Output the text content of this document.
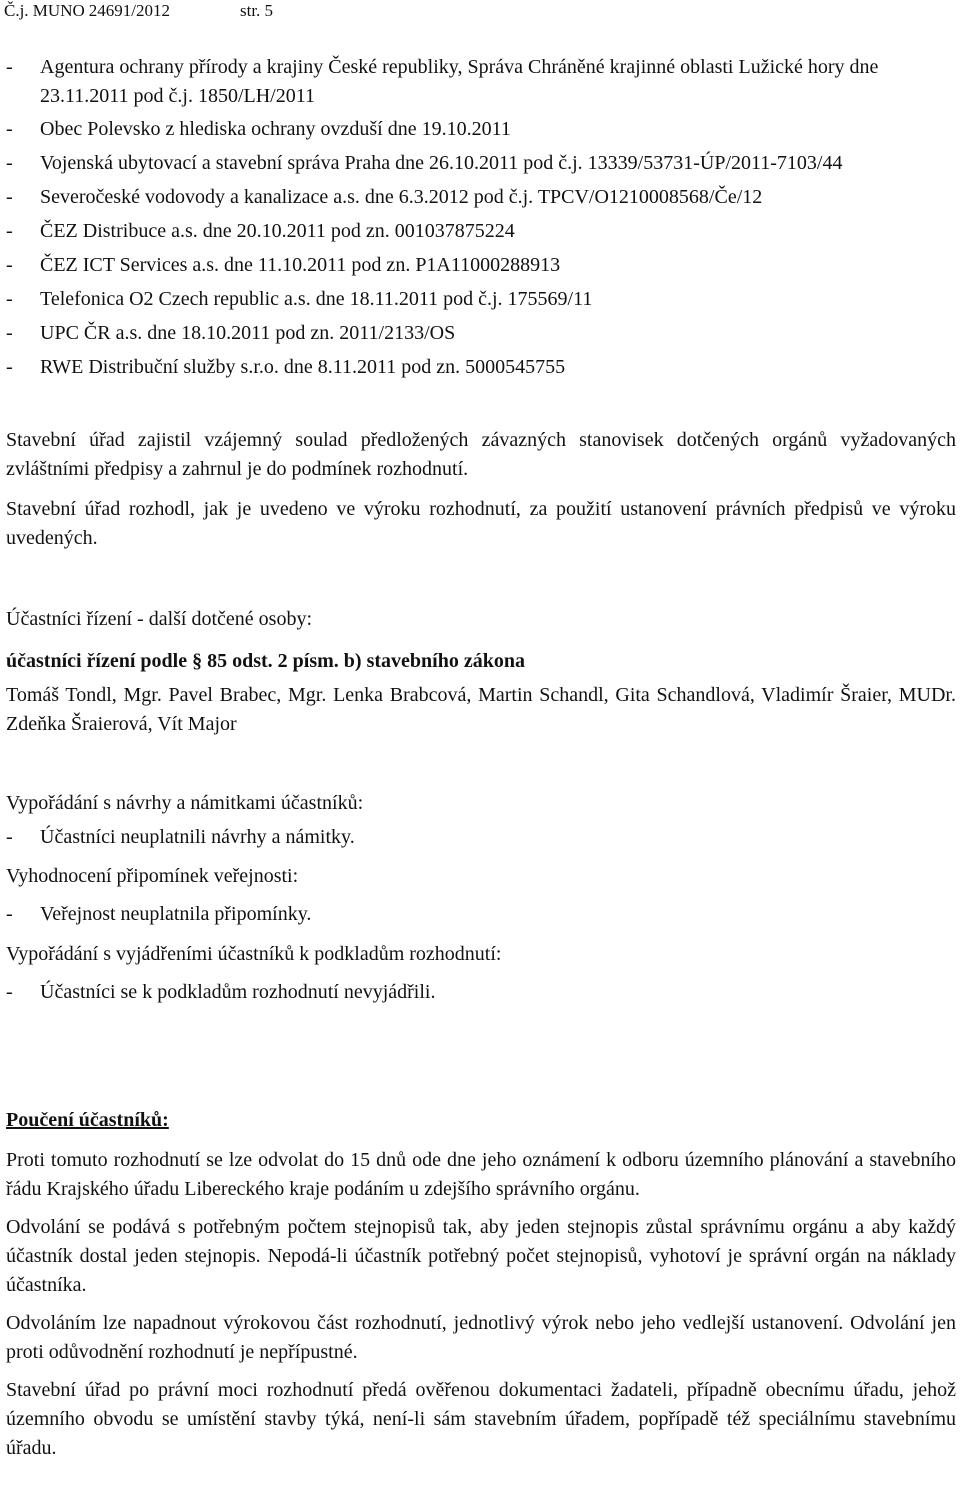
Č.j. MUNO 24691/2012	str. 5
-	Agentura ochrany přírody a krajiny České republiky, Správa Chráněné krajinné oblasti Lužické hory dne 23.11.2011 pod č.j. 1850/LH/2011
-	Obec Polevsko z hlediska ochrany ovzduší dne 19.10.2011
-	Vojenská ubytovací a stavební správa Praha dne 26.10.2011 pod č.j. 13339/53731-ÚP/2011-7103/44
-	Severočeské vodovody a kanalizace a.s. dne 6.3.2012 pod č.j. TPCV/O1210008568/Če/12
-	ČEZ Distribuce a.s. dne 20.10.2011 pod zn. 001037875224
-	ČEZ ICT Services a.s. dne 11.10.2011 pod zn. P1A11000288913
-	Telefonica O2 Czech republic a.s. dne 18.11.2011 pod č.j. 175569/11
-	UPC ČR a.s. dne 18.10.2011 pod zn. 2011/2133/OS
-	RWE Distribuční služby s.r.o. dne 8.11.2011 pod zn. 5000545755

Stavební úřad zajistil vzájemný soulad předložených závazných stanovisek dotčených orgánů vyžadovaných zvláštními předpisy a zahrnul je do podmínek rozhodnutí.

Stavební úřad rozhodl, jak je uvedeno ve výroku rozhodnutí, za použití ustanovení právních předpisů ve výroku uvedených.

Účastníci řízení - další dotčené osoby:

účastníci řízení podle § 85 odst. 2 písm. b) stavebního zákona

Tomáš Tondl, Mgr. Pavel Brabec, Mgr. Lenka Brabcová, Martin Schandl, Gita Schandlová, Vladimír Šraier, MUDr. Zdeňka Šraierová, Vít Major

Vypořádání s návrhy a námitkami účastníků:

-	Účastníci neuplatnili návrhy a námitky.

Vyhodnocení připomínek veřejnosti:

-	Veřejnost neuplatnila připomínky.

Vypořádání s vyjádřeními účastníků k podkladům rozhodnutí:

-	Účastníci se k podkladům rozhodnutí nevyjádřili.

Poučení účastníků:

Proti tomuto rozhodnutí se lze odvolat do 15 dnů ode dne jeho oznámení k odboru územního plánování a stavebního řádu Krajského úřadu Libereckého kraje podáním u zdejšího správního orgánu.

Odvolání se podává s potřebným počtem stejnopisů tak, aby jeden stejnopis zůstal správnímu orgánu a aby každý účastník dostal jeden stejnopis. Nepodá-li účastník potřebný počet stejnopisů, vyhotoví je správní orgán na náklady účastníka.

Odvoláním lze napadnout výrokovou část rozhodnutí, jednotlivý výrok nebo jeho vedlejší ustanovení. Odvolání jen proti odůvodnění rozhodnutí je nepřípustné.

Stavební úřad po právní moci rozhodnutí předá ověřenou dokumentaci žadateli, případně obecnímu úřadu, jehož územního obvodu se umístění stavby týká, není-li sám stavebním úřadem, popřípadě též speciálnímu stavebnímu úřadu.
